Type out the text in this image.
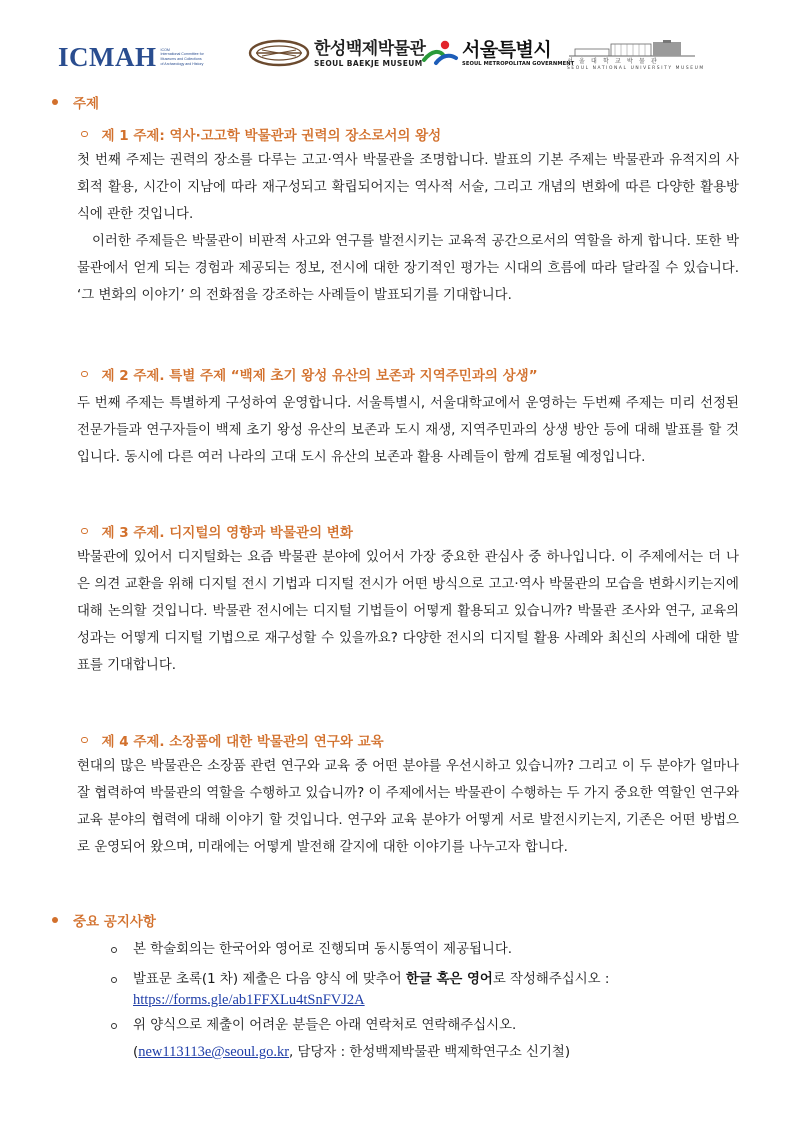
ICMAH ICOM
International Committee for
Museums and Collections
of Archaeology and History
한성백제박물관
SEOUL BAEKJE MUSEUM
서울특별시
SEOUL METROPOLITAN GOVERNMENT
서울대학교박물관
SEOUL NATIONAL UNIVERSITY MUSEUM
주제
제 1 주제: 역사·고고학 박물관과 권력의 장소로서의 왕성
첫 번째 주제는 권력의 장소를 다루는 고고·역사 박물관을 조명합니다. 발표의 기본 주제는 박물관과 유적지의 사회적 활용, 시간이 지남에 따라 재구성되고 확립되어지는 역사적 서술, 그리고 개념의 변화에 따른 다양한 활용방식에 관한 것입니다.
이러한 주제들은 박물관이 비판적 사고와 연구를 발전시키는 교육적 공간으로서의 역할을 하게 합니다. 또한 박물관에서 얻게 되는 경험과 제공되는 정보, 전시에 대한 장기적인 평가는 시대의 흐름에 따라 달라질 수 있습니다. ‘그 변화의 이야기’ 의 전화점을 강조하는 사례들이 발표되기를 기대합니다.
제 2 주제. 특별 주제 “백제 초기 왕성 유산의 보존과 지역주민과의 상생”
두 번째 주제는 특별하게 구성하여 운영합니다. 서울특별시, 서울대학교에서 운영하는 두번째 주제는 미리 선정된 전문가들과 연구자들이 백제 초기 왕성 유산의 보존과 도시 재생, 지역주민과의 상생 방안 등에 대해 발표를 할 것입니다. 동시에 다른 여러 나라의 고대 도시 유산의 보존과 활용 사례들이 함께 검토될 예정입니다.
제 3 주제. 디지털의 영향과 박물관의 변화
박물관에 있어서 디지털화는 요즘 박물관 분야에 있어서 가장 중요한 관심사 중 하나입니다. 이 주제에서는 더 나은 의견 교환을 위해 디지털 전시 기법과 디지털 전시가 어떤 방식으로 고고·역사 박물관의 모습을 변화시키는지에 대해 논의할 것입니다. 박물관 전시에는 디지털 기법들이 어떻게 활용되고 있습니까? 박물관 조사와 연구, 교육의 성과는 어떻게 디지털 기법으로 재구성할 수 있을까요? 다양한 전시의 디지털 활용 사례와 최신의 사례에 대한 발표를 기대합니다.
제 4 주제. 소장품에 대한 박물관의 연구와 교육
현대의 많은 박물관은 소장품 관련 연구와 교육 중 어떤 분야를 우선시하고 있습니까? 그리고 이 두 분야가 얼마나 잘 협력하여 박물관의 역할을 수행하고 있습니까? 이 주제에서는 박물관이 수행하는 두 가지 중요한 역할인 연구와 교육 분야의 협력에 대해 이야기 할 것입니다. 연구와 교육 분야가 어떻게 서로 발전시키는지, 기존은 어떤 방법으로 운영되어 왔으며, 미래에는 어떻게 발전해 갈지에 대한 이야기를 나누고자 합니다.
중요 공지사항
본 학술회의는 한국어와 영어로 진행되며 동시통역이 제공됩니다.
발표문 초록(1 차) 제출은 다음 양식 에 맞추어 한글 혹은 영어로 작성해주십시오 :
https://forms.gle/ab1FFXLu4tSnFVJ2A
위 양식으로 제출이 어려운 분들은 아래 연락처로 연락해주십시오.
(new113113e@seoul.go.kr, 담당자 : 한성백제박물관 백제학연구소 신기철)
